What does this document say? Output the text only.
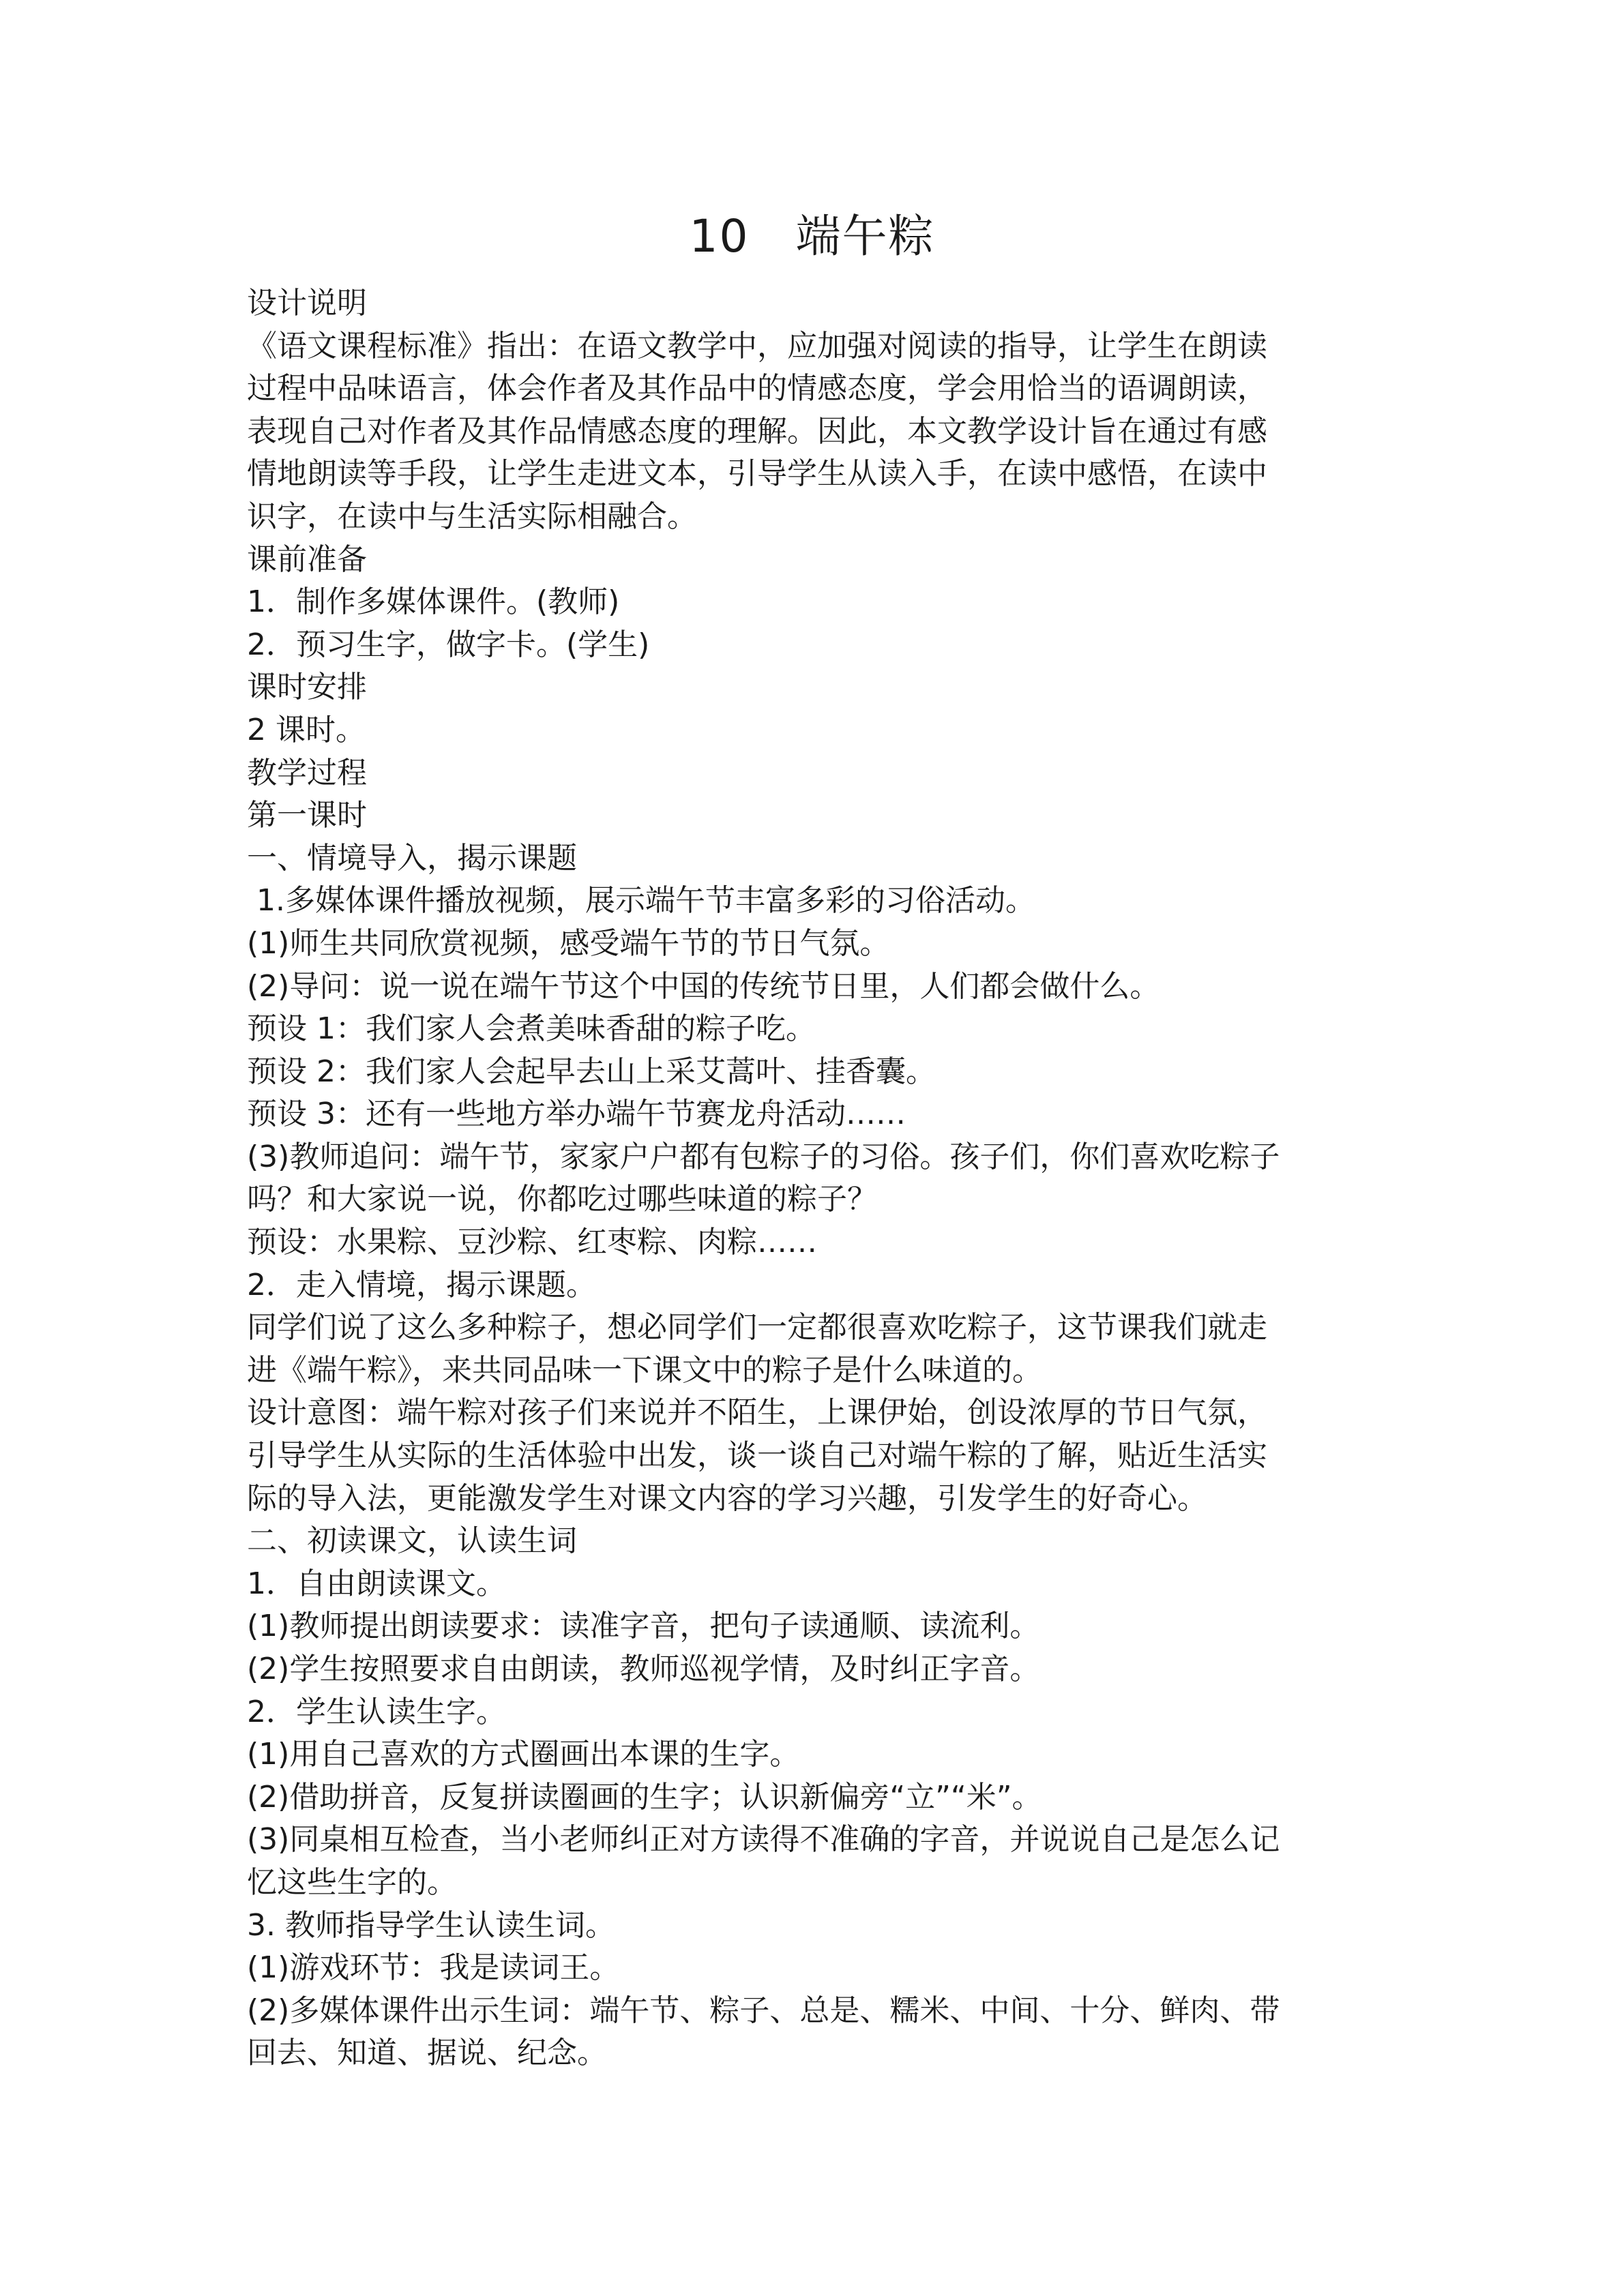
10　端午粽

设计说明

《语文课程标准》指出：在语文教学中，应加强对阅读的指导，让学生在朗读

过程中品味语言，体会作者及其作品中的情感态度，学会用恰当的语调朗读，

表现自己对作者及其作品情感态度的理解。因此，本文教学设计旨在通过有感

情地朗读等手段，让学生走进文本，引导学生从读入手，在读中感悟，在读中

识字，在读中与生活实际相融合。

课前准备

1．制作多媒体课件。(教师)

2．预习生字，做字卡。(学生)

课时安排

2 课时。

教学过程

第一课时

一、情境导入，揭示课题

1.多媒体课件播放视频，展示端午节丰富多彩的习俗活动。

(1)师生共同欣赏视频，感受端午节的节日气氛。

(2)导问：说一说在端午节这个中国的传统节日里，人们都会做什么。

预设 1：我们家人会煮美味香甜的粽子吃。

预设 2：我们家人会起早去山上采艾蒿叶、挂香囊。

预设 3：还有一些地方举办端午节赛龙舟活动……

(3)教师追问：端午节，家家户户都有包粽子的习俗。孩子们，你们喜欢吃粽子

吗？和大家说一说，你都吃过哪些味道的粽子？

预设：水果粽、豆沙粽、红枣粽、肉粽……

2．走入情境，揭示课题。

同学们说了这么多种粽子，想必同学们一定都很喜欢吃粽子，这节课我们就走

进《端午粽》，来共同品味一下课文中的粽子是什么味道的。

设计意图：端午粽对孩子们来说并不陌生，上课伊始，创设浓厚的节日气氛，

引导学生从实际的生活体验中出发，谈一谈自己对端午粽的了解，贴近生活实

际的导入法，更能激发学生对课文内容的学习兴趣，引发学生的好奇心。

二、初读课文，认读生词

1．自由朗读课文。

(1)教师提出朗读要求：读准字音，把句子读通顺、读流利。

(2)学生按照要求自由朗读，教师巡视学情，及时纠正字音。

2．学生认读生字。

(1)用自己喜欢的方式圈画出本课的生字。

(2)借助拼音，反复拼读圈画的生字；认识新偏旁“立”“米”。

(3)同桌相互检查，当小老师纠正对方读得不准确的字音，并说说自己是怎么记

忆这些生字的。

3. 教师指导学生认读生词。

(1)游戏环节：我是读词王。

(2)多媒体课件出示生词：端午节、粽子、总是、糯米、中间、十分、鲜肉、带

回去、知道、据说、纪念。
